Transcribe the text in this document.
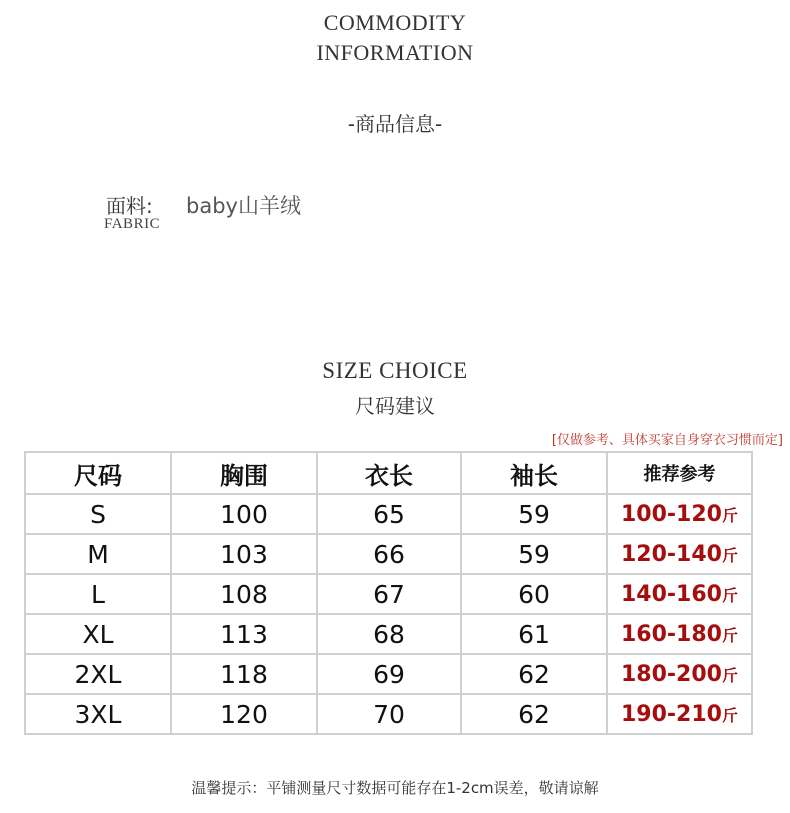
COMMODITY
INFORMATION
-商品信息-
面料: baby山羊绒
FABRIC
SIZE CHOICE
尺码建议
[仅做参考、具体买家自身穿衣习惯而定]
尺码	胸围	衣长	袖长	推荐参考
S	100	65	59	100-120斤
M	103	66	59	120-140斤
L	108	67	60	140-160斤
XL	113	68	61	160-180斤
2XL	118	69	62	180-200斤
3XL	120	70	62	190-210斤
温馨提示：平铺测量尺寸数据可能存在1-2cm误差，敬请谅解
